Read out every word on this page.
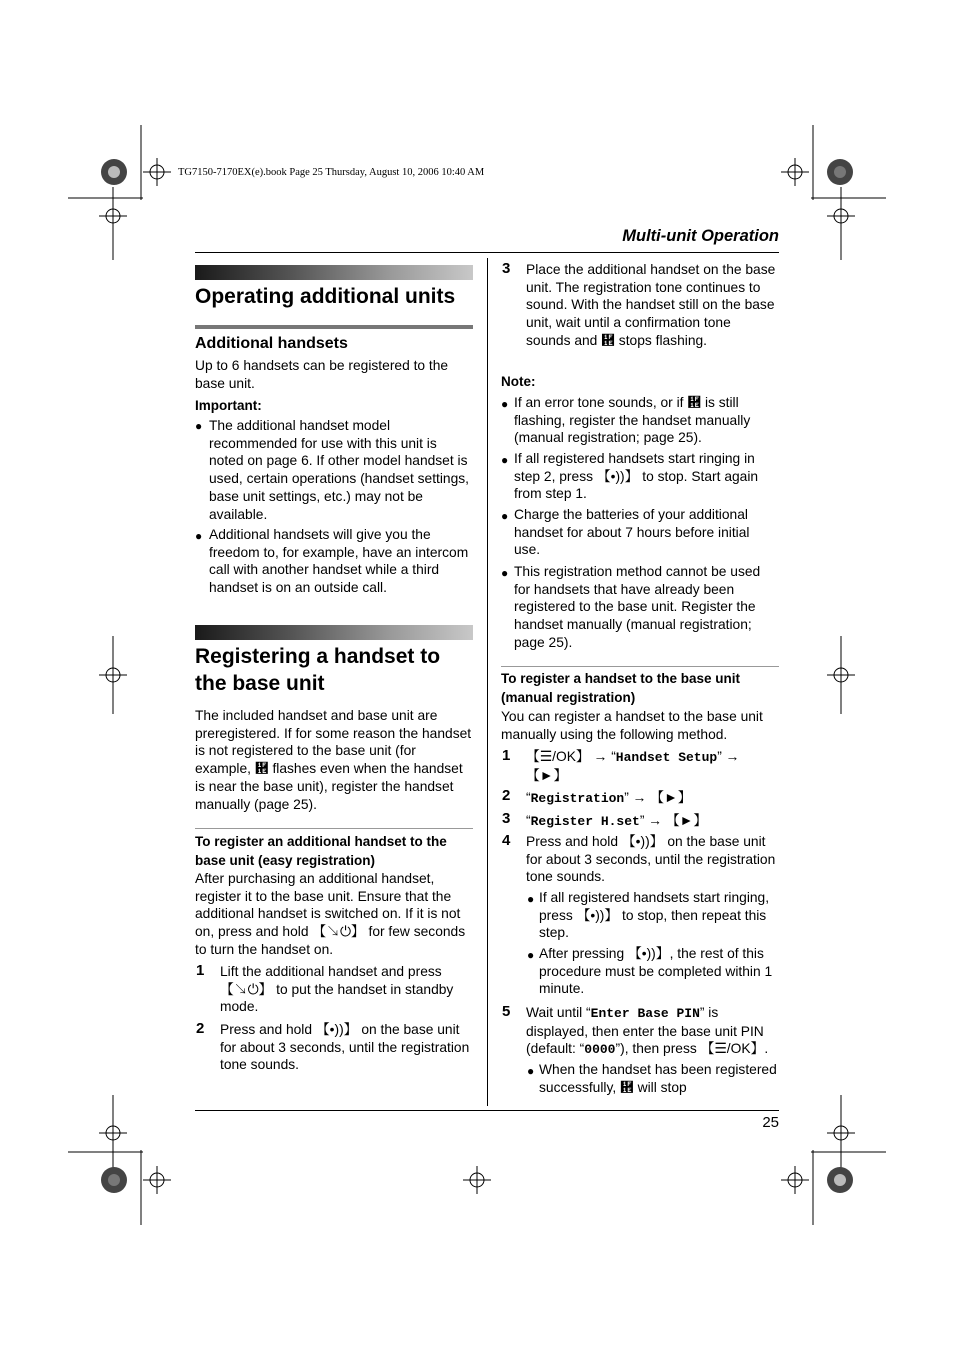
TG7150-7170EX(e).book Page 25 Thursday, August 10, 2006 10:40 AM
Multi-unit Operation
25
Operating additional units
Additional handsets

Up to 6 handsets can be registered to the base unit.

Important:
● The additional handset model recommended for use with this unit is noted on page 6. If other model handset is used, certain operations (handset settings, base unit settings, etc.) may not be available.

● Additional handsets will give you the freedom to, for example, have an intercom call with another handset while a third handset is on an outside call.

Registering a handset to the base unit

The included handset and base unit are preregistered. If for some reason the handset is not registered to the base unit (for example, ἞ flashes even when the handset is near the base unit), register the handset manually (page 25).

To register an additional handset to the base unit (easy registration)

After purchasing an additional handset, register it to the base unit. Ensure that the additional handset is switched on. If it is not on, press and hold 【↘⏻】 for few seconds to turn the handset on.

1 Lift the additional handset and press 【↘⏻】 to put the handset in standby mode.

2 Press and hold 【•))】 on the base unit for about 3 seconds, until the registration tone sounds.

3 Place the additional handset on the base unit. The registration tone continues to sound. With the handset still on the base unit, wait until a confirmation tone sounds and ἞ stops flashing.

Note:
● If an error tone sounds, or if ἞ is still flashing, register the handset manually (manual registration; page 25).

● If all registered handsets start ringing in step 2, press 【•))】 to stop. Start again from step 1.

● Charge the batteries of your additional handset for about 7 hours before initial use.

● This registration method cannot be used for handsets that have already been registered to the base unit. Register the handset manually (manual registration; page 25).

To register a handset to the base unit (manual registration)

You can register a handset to the base unit manually using the following method.

1 【☰/OK】 → “Handset Setup” → 【►】

2 “Registration” → 【►】

3 “Register H.set” → 【►】

4 Press and hold 【•))】 on the base unit for about 3 seconds, until the registration tone sounds.

● If all registered handsets start ringing, press 【•))】 to stop, then repeat this step.

● After pressing 【•))】, the rest of this procedure must be completed within 1 minute.

5 Wait until “Enter Base PIN” is displayed, then enter the base unit PIN (default: “0000”), then press 【☰/OK】.

● When the handset has been registered successfully, ἞ will stop
